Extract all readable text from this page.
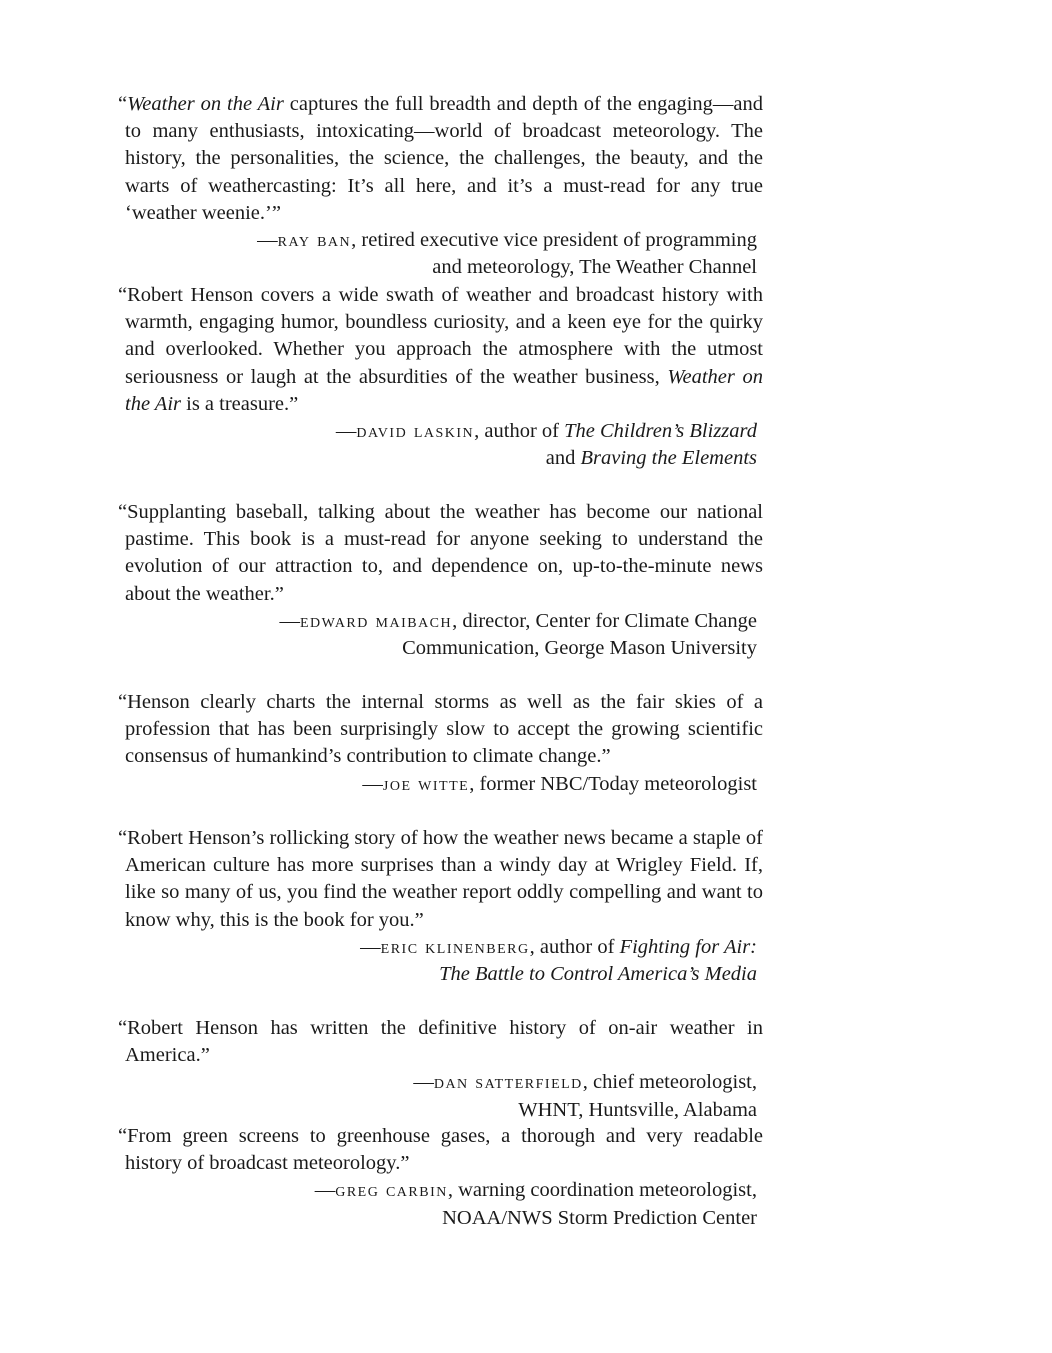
“Weather on the Air captures the full breadth and depth of the engaging—and to many enthusiasts, intoxicating—world of broadcast meteorology. The history, the personalities, the science, the challenges, the beauty, and the warts of weathercasting: It’s all here, and it’s a must-read for any true ‘weather weenie.’”

—ray ban, retired executive vice president of programming
and meteorology, The Weather Channel

“Robert Henson covers a wide swath of weather and broadcast history with warmth, engaging humor, boundless curiosity, and a keen eye for the quirky and overlooked. Whether you approach the atmosphere with the utmost seriousness or laugh at the absurdities of the weather business, Weather on the Air is a treasure.”

—david laskin, author of The Children’s Blizzard
and Braving the Elements

“Supplanting baseball, talking about the weather has become our national pastime. This book is a must-read for anyone seeking to understand the evolution of our attraction to, and dependence on, up-to-the-minute news about the weather.”

—edward maibach, director, Center for Climate Change
Communication, George Mason University

“Henson clearly charts the internal storms as well as the fair skies of a profession that has been surprisingly slow to accept the growing scientific consensus of humankind’s contribution to climate change.”

—joe witte, former NBC/Today meteorologist

“Robert Henson’s rollicking story of how the weather news became a staple of American culture has more surprises than a windy day at Wrigley Field. If, like so many of us, you find the weather report oddly compelling and want to know why, this is the book for you.”

—eric klinenberg, author of Fighting for Air:
The Battle to Control America’s Media

“Robert Henson has written the definitive history of on-air weather in America.”

—dan satterfield, chief meteorologist,
WHNT, Huntsville, Alabama

“From green screens to greenhouse gases, a thorough and very readable history of broadcast meteorology.”

—greg carbin, warning coordination meteorologist,
NOAA/NWS Storm Prediction Center
